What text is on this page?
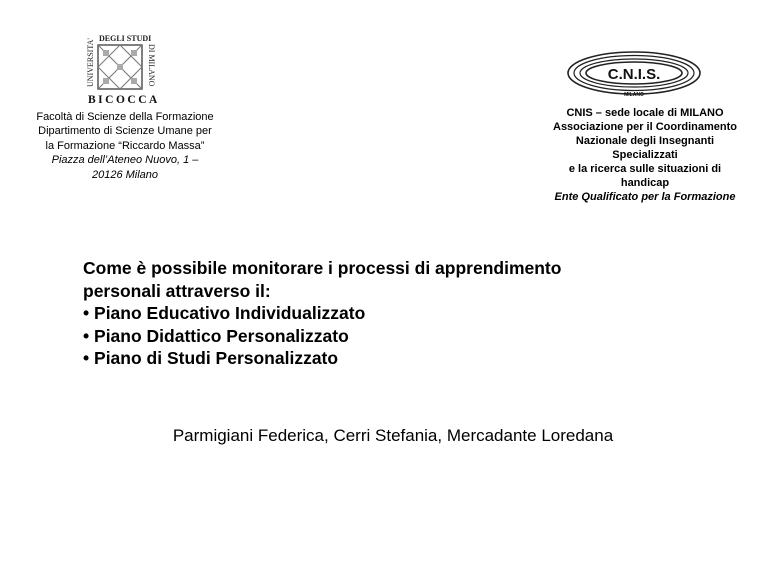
UNIVERSITA' DEGLI STUDI
DI MILANO
BICOCCA
Facoltà di Scienze della Formazione
Dipartimento di Scienze Umane per
la Formazione “Riccardo Massa”
Piazza dell’Ateneo Nuovo, 1 –
20126 Milano
C.N.I.S.
MILANO
CNIS – sede locale di MILANO
Associazione per il Coordinamento
Nazionale degli Insegnanti
Specializzati
e la ricerca sulle situazioni di
handicap
Ente Qualificato per la Formazione
Come è possibile monitorare i processi di apprendimento
personali attraverso il:
• Piano Educativo Individualizzato
• Piano Didattico Personalizzato
• Piano di Studi Personalizzato
Parmigiani Federica, Cerri Stefania, Mercadante Loredana
